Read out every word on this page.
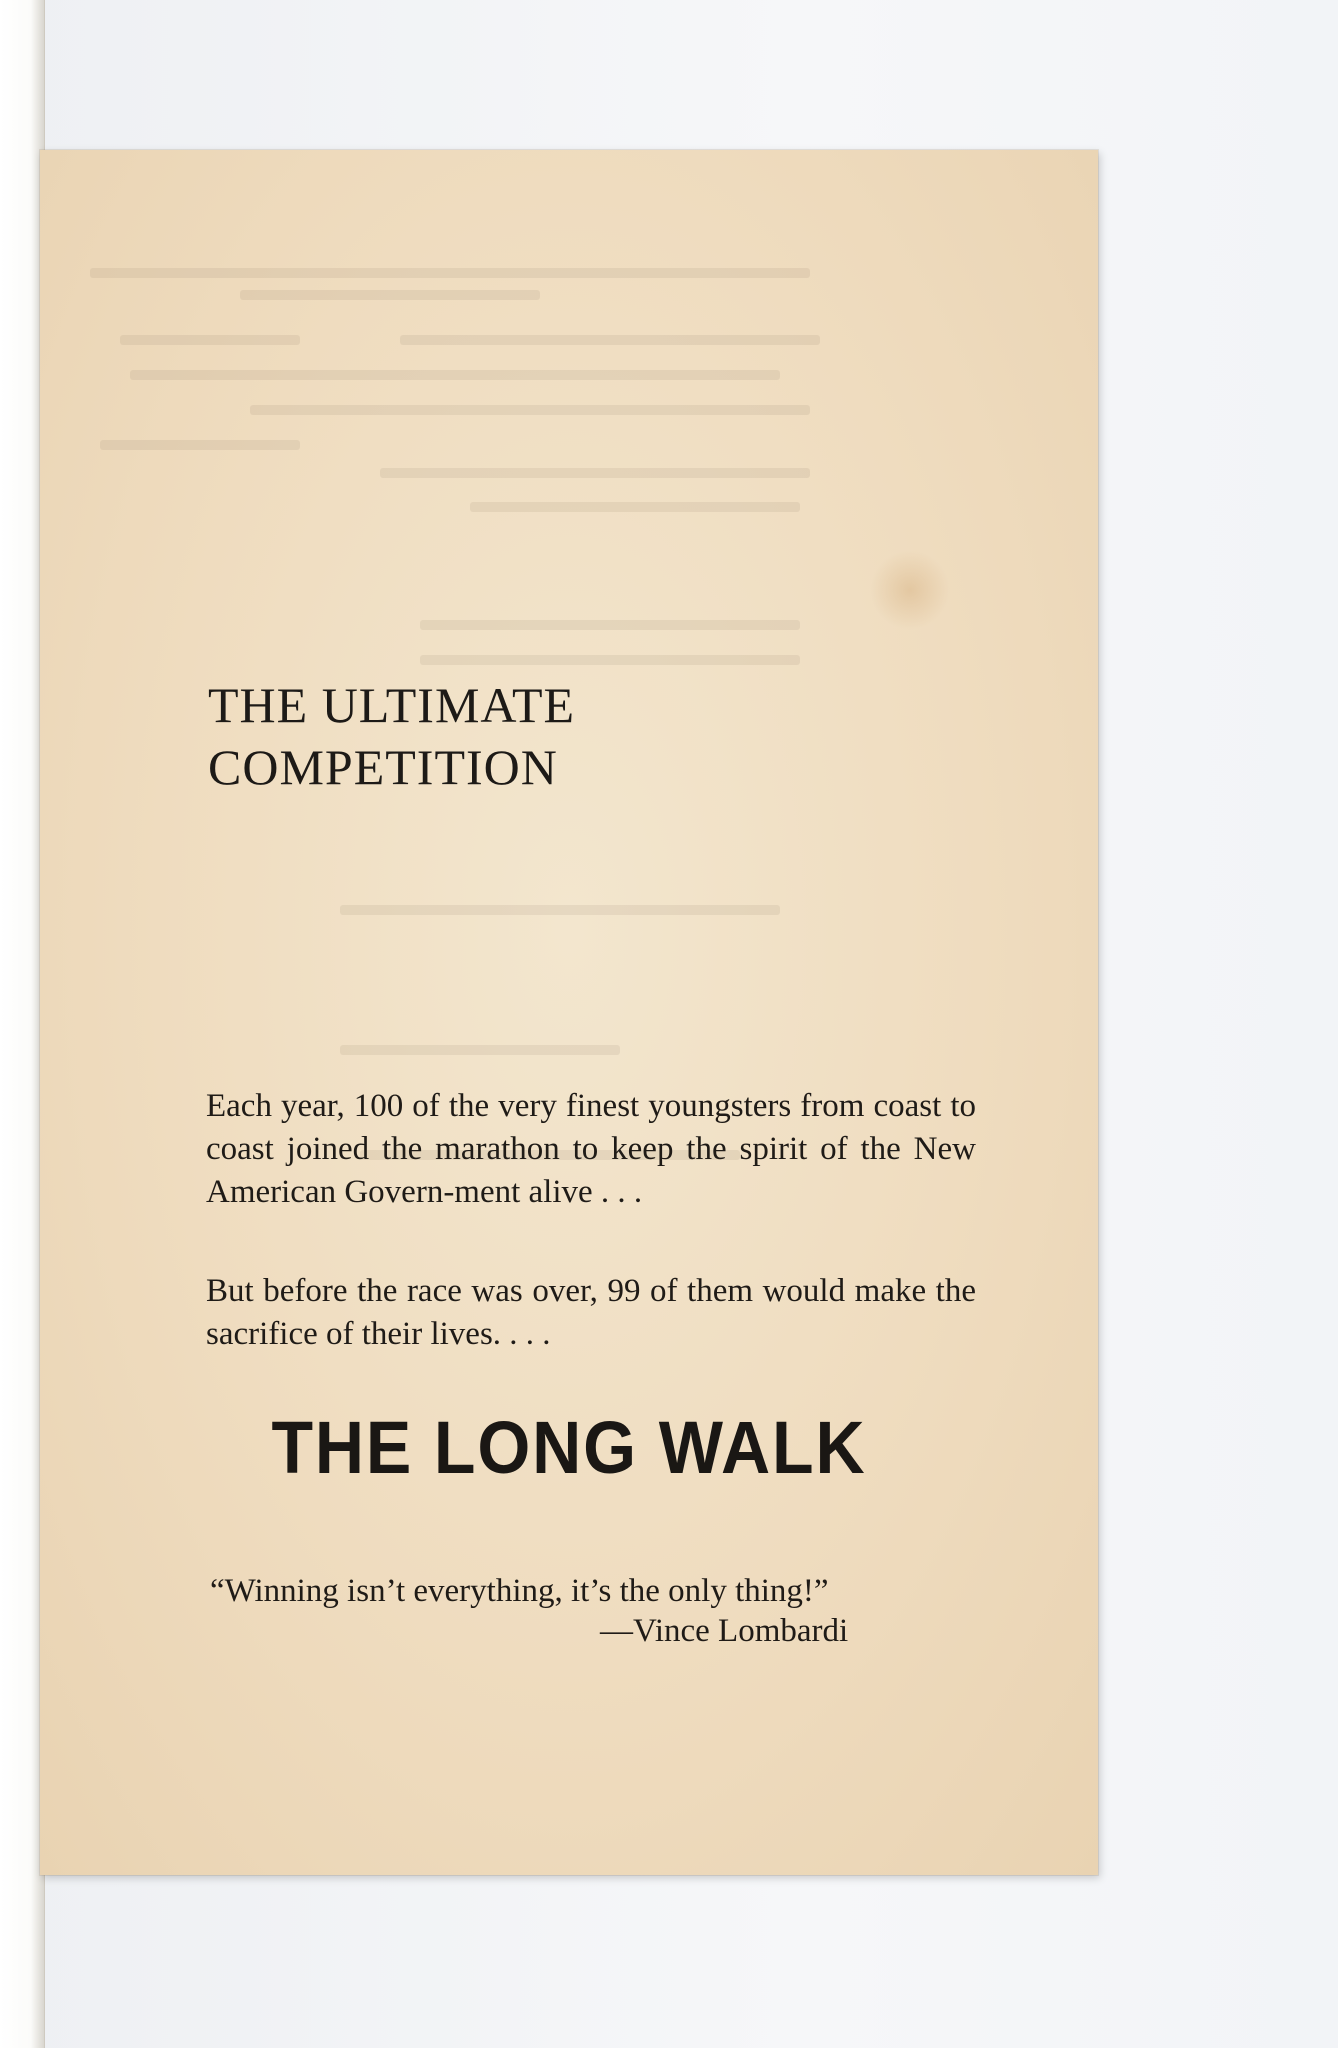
THE ULTIMATE
COMPETITION
Each year, 100 of the very finest youngsters from coast to coast joined the marathon to keep the spirit of the New American Govern-ment alive . . .
But before the race was over, 99 of them would make the sacrifice of their lives. . . .
THE LONG WALK
“Winning isn’t everything, it’s the only thing!”
—Vince Lombardi
